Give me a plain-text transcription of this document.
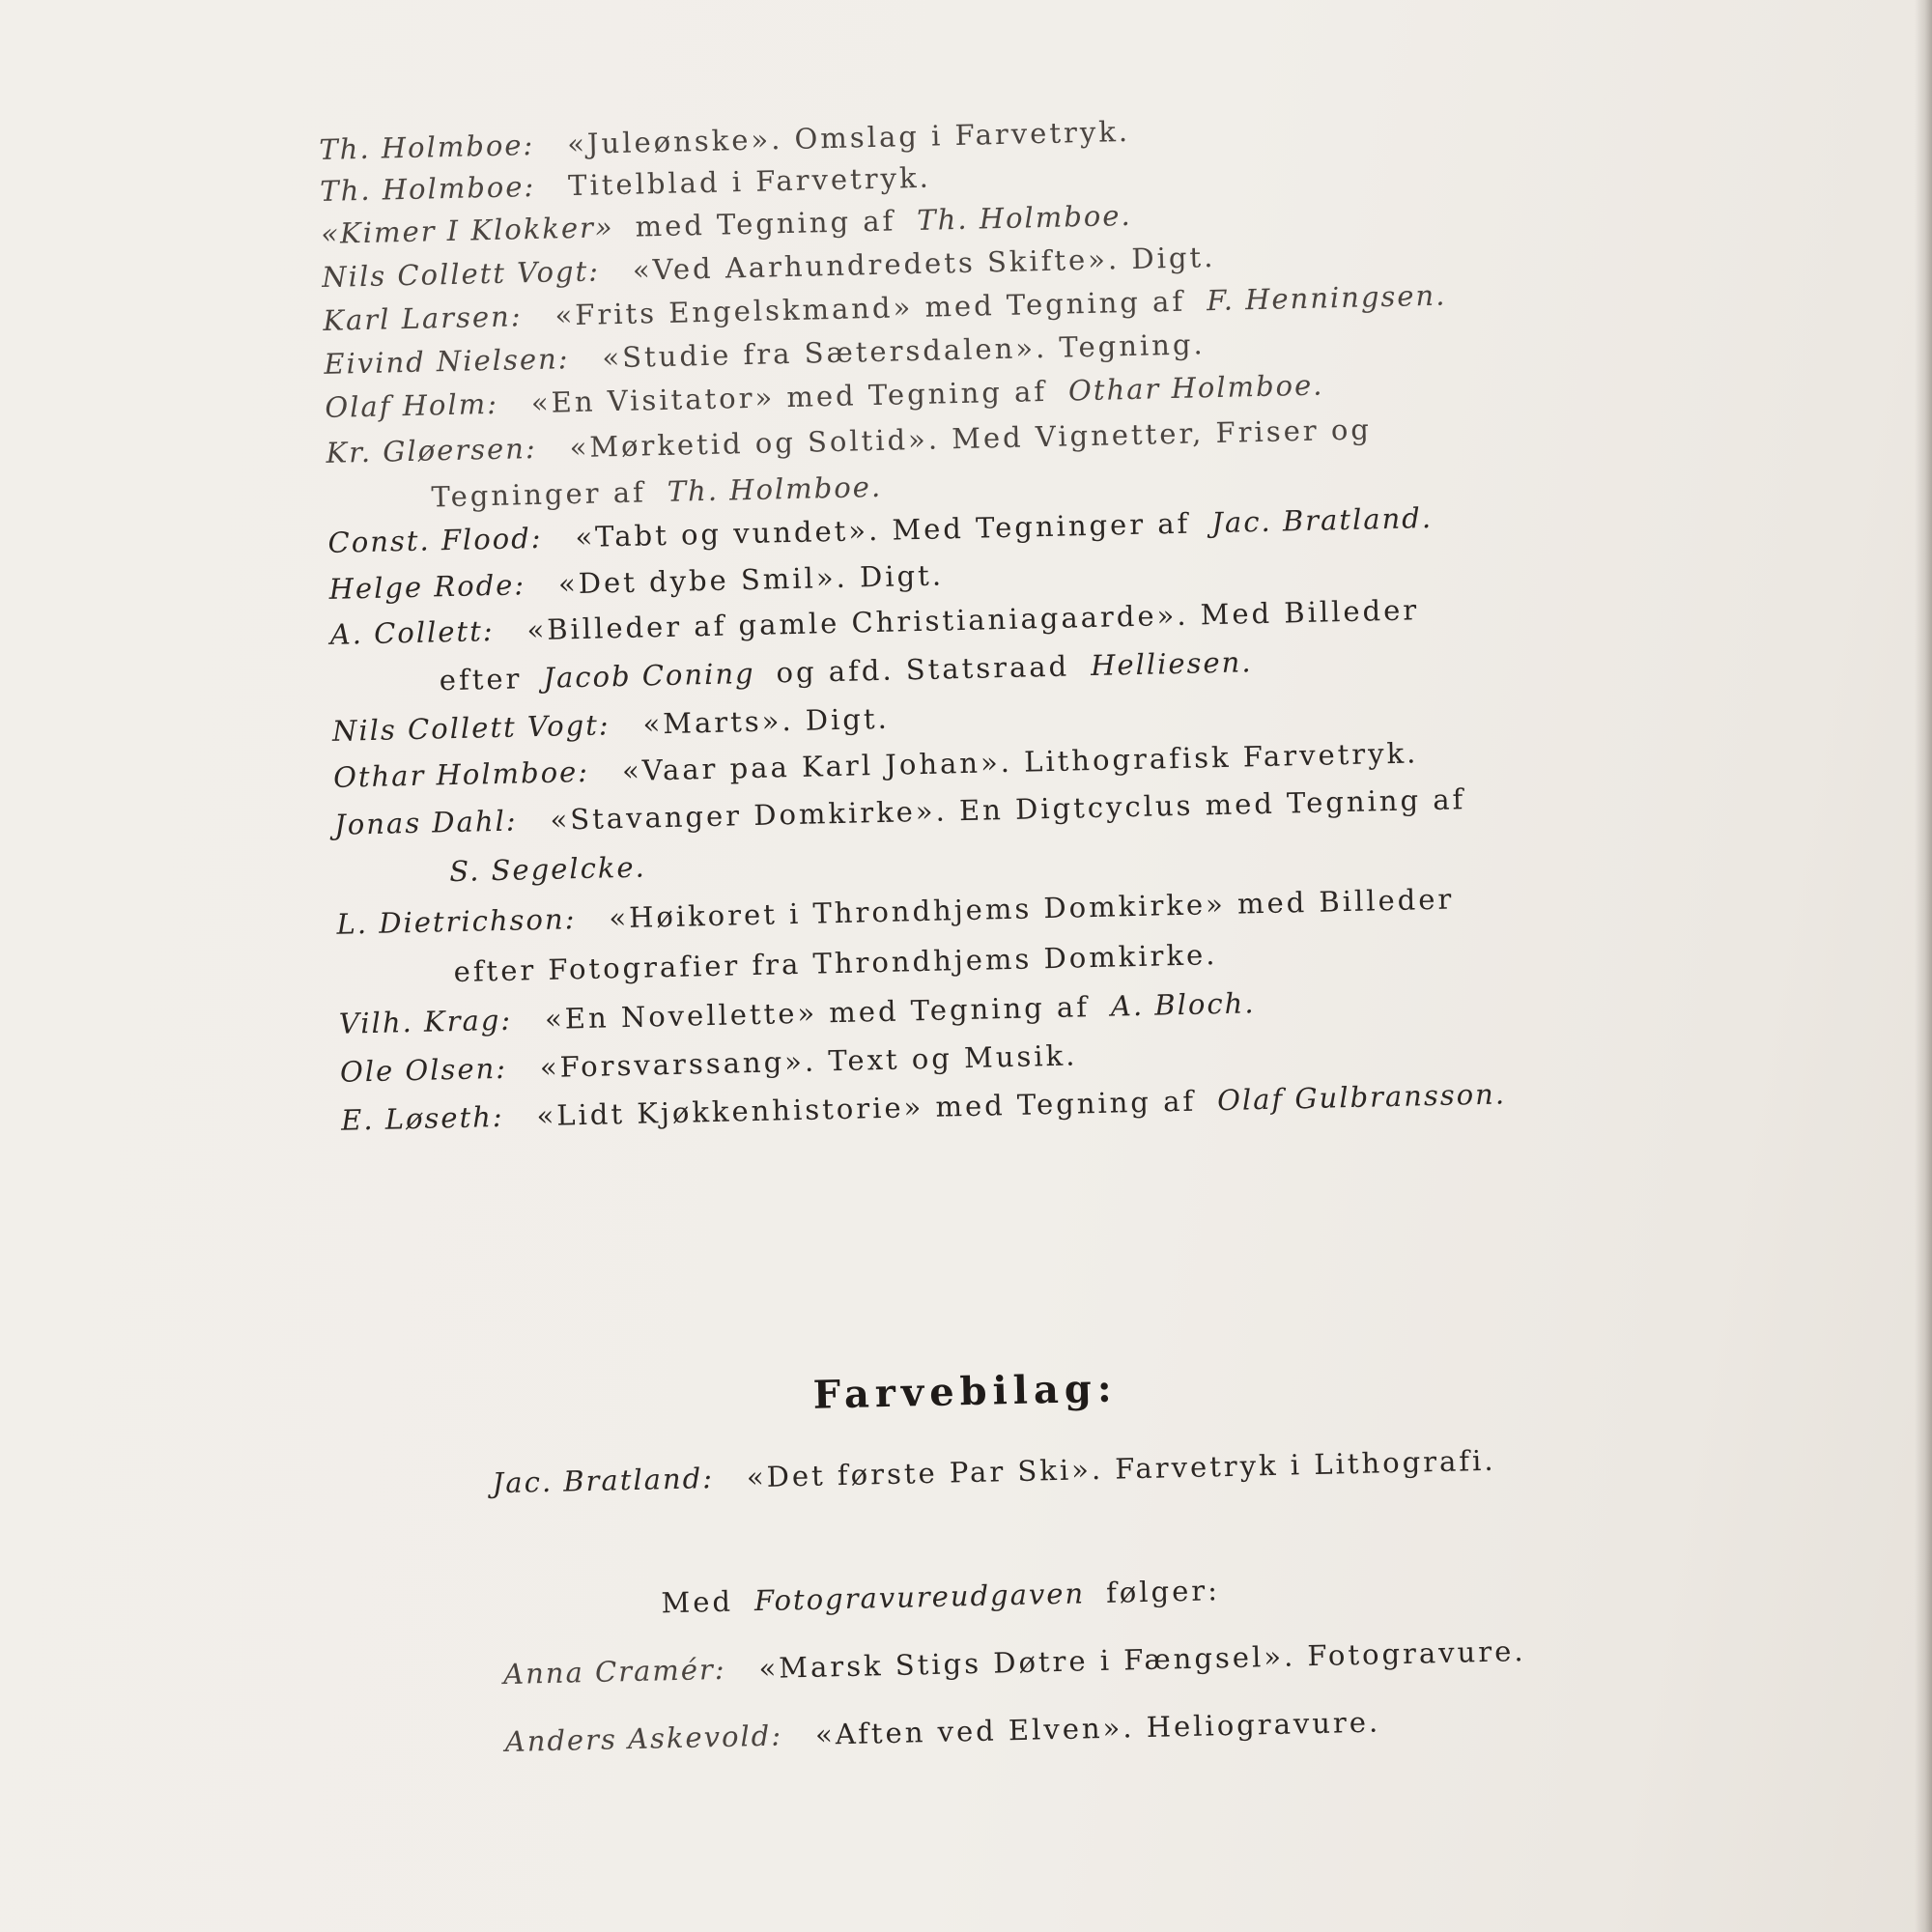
Th. Holmboe: «Juleønske». Omslag i Farvetryk.
Th. Holmboe: Titelblad i Farvetryk.
«Kimer I Klokker» med Tegning af Th. Holmboe.
Nils Collett Vogt: «Ved Aarhundredets Skifte». Digt.
Karl Larsen: «Frits Engelskmand» med Tegning af F. Henningsen.
Eivind Nielsen: «Studie fra Sætersdalen». Tegning.
Olaf Holm: «En Visitator» med Tegning af Othar Holmboe.
Kr. Gløersen: «Mørketid og Soltid». Med Vignetter, Friser og
Tegninger af Th. Holmboe.
Const. Flood: «Tabt og vundet». Med Tegninger af Jac. Bratland.
Helge Rode: «Det dybe Smil». Digt.
A. Collett: «Billeder af gamle Christianiagaarde». Med Billeder
efter Jacob Coning og afd. Statsraad Helliesen.
Nils Collett Vogt: «Marts». Digt.
Othar Holmboe: «Vaar paa Karl Johan». Lithografisk Farvetryk.
Jonas Dahl: «Stavanger Domkirke». En Digtcyclus med Tegning af
S. Segelcke.
L. Dietrichson: «Høikoret i Throndhjems Domkirke» med Billeder
efter Fotografier fra Throndhjems Domkirke.
Vilh. Krag: «En Novellette» med Tegning af A. Bloch.
Ole Olsen: «Forsvarssang». Text og Musik.
E. Løseth: «Lidt Kjøkkenhistorie» med Tegning af Olaf Gulbransson.
Farvebilag:
Jac. Bratland: «Det første Par Ski». Farvetryk i Lithografi.
Med Fotogravureudgaven følger:
Anna Cramér: «Marsk Stigs Døtre i Fængsel». Fotogravure.
Anders Askevold: «Aften ved Elven». Heliogravure.
